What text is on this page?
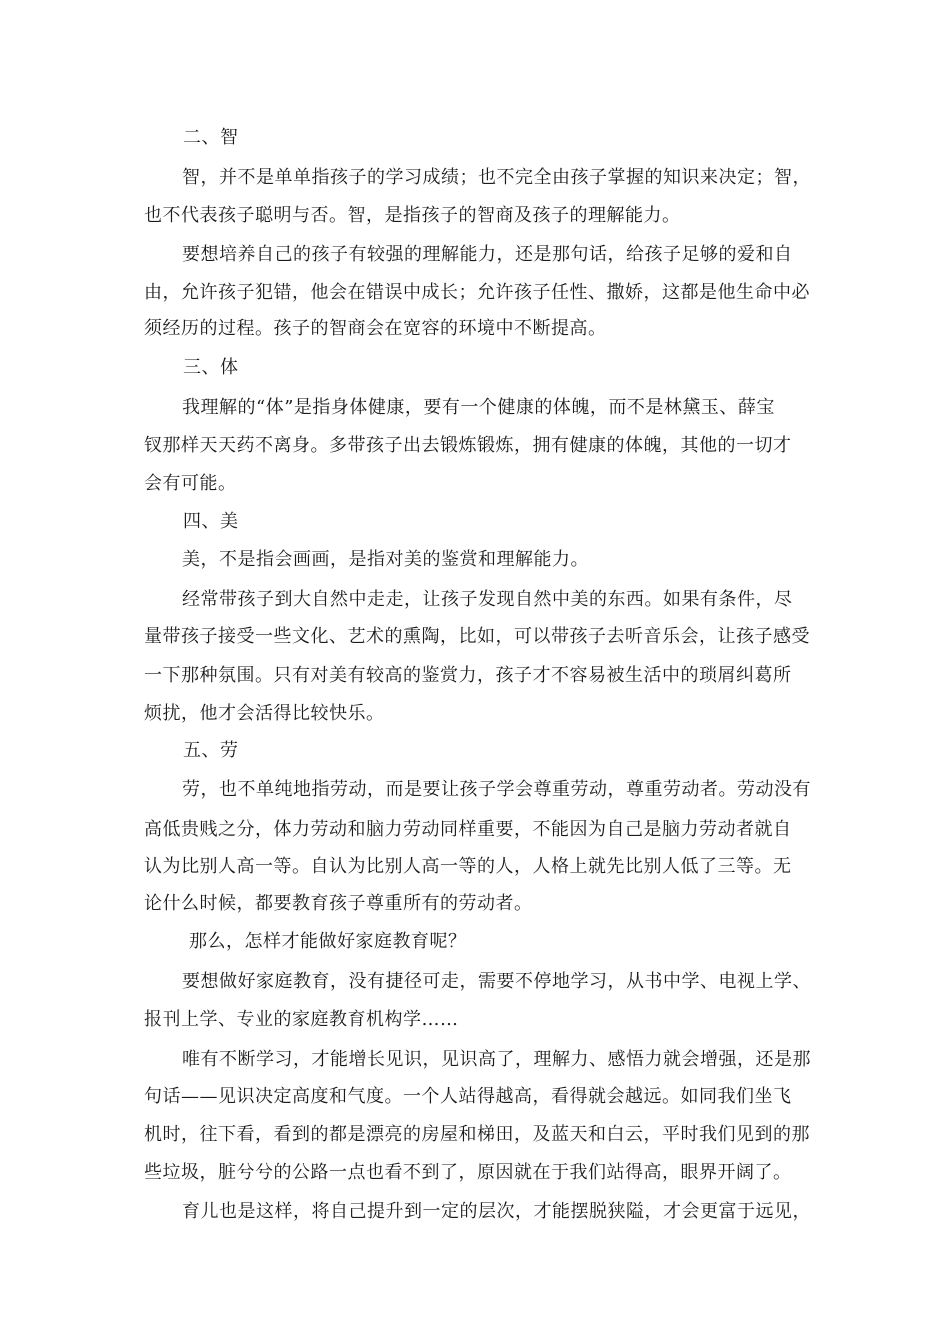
二、智
智，并不是单单指孩子的学习成绩；也不完全由孩子掌握的知识来决定；智，
也不代表孩子聪明与否。智，是指孩子的智商及孩子的理解能力。
要想培养自己的孩子有较强的理解能力，还是那句话，给孩子足够的爱和自
由，允许孩子犯错，他会在错误中成长；允许孩子任性、撒娇，这都是他生命中必
须经历的过程。孩子的智商会在宽容的环境中不断提高。
三、体
我理解的“体”是指身体健康，要有一个健康的体魄，而不是林黛玉、薛宝
钗那样天天药不离身。多带孩子出去锻炼锻炼，拥有健康的体魄，其他的一切才
会有可能。
四、美
美，不是指会画画，是指对美的鉴赏和理解能力。
经常带孩子到大自然中走走，让孩子发现自然中美的东西。如果有条件，尽
量带孩子接受一些文化、艺术的熏陶，比如，可以带孩子去听音乐会，让孩子感受
一下那种氛围。只有对美有较高的鉴赏力，孩子才不容易被生活中的琐屑纠葛所
烦扰，他才会活得比较快乐。
五、劳
劳，也不单纯地指劳动，而是要让孩子学会尊重劳动，尊重劳动者。劳动没有
高低贵贱之分，体力劳动和脑力劳动同样重要，不能因为自己是脑力劳动者就自
认为比别人高一等。自认为比别人高一等的人，人格上就先比别人低了三等。无
论什么时候，都要教育孩子尊重所有的劳动者。
那么，怎样才能做好家庭教育呢？
要想做好家庭教育，没有捷径可走，需要不停地学习，从书中学、电视上学、
报刊上学、专业的家庭教育机构学……
唯有不断学习，才能增长见识，见识高了，理解力、感悟力就会增强，还是那
句话——见识决定高度和气度。一个人站得越高，看得就会越远。如同我们坐飞
机时，往下看，看到的都是漂亮的房屋和梯田，及蓝天和白云，平时我们见到的那
些垃圾，脏兮兮的公路一点也看不到了，原因就在于我们站得高，眼界开阔了。
育儿也是这样，将自己提升到一定的层次，才能摆脱狭隘，才会更富于远见，
